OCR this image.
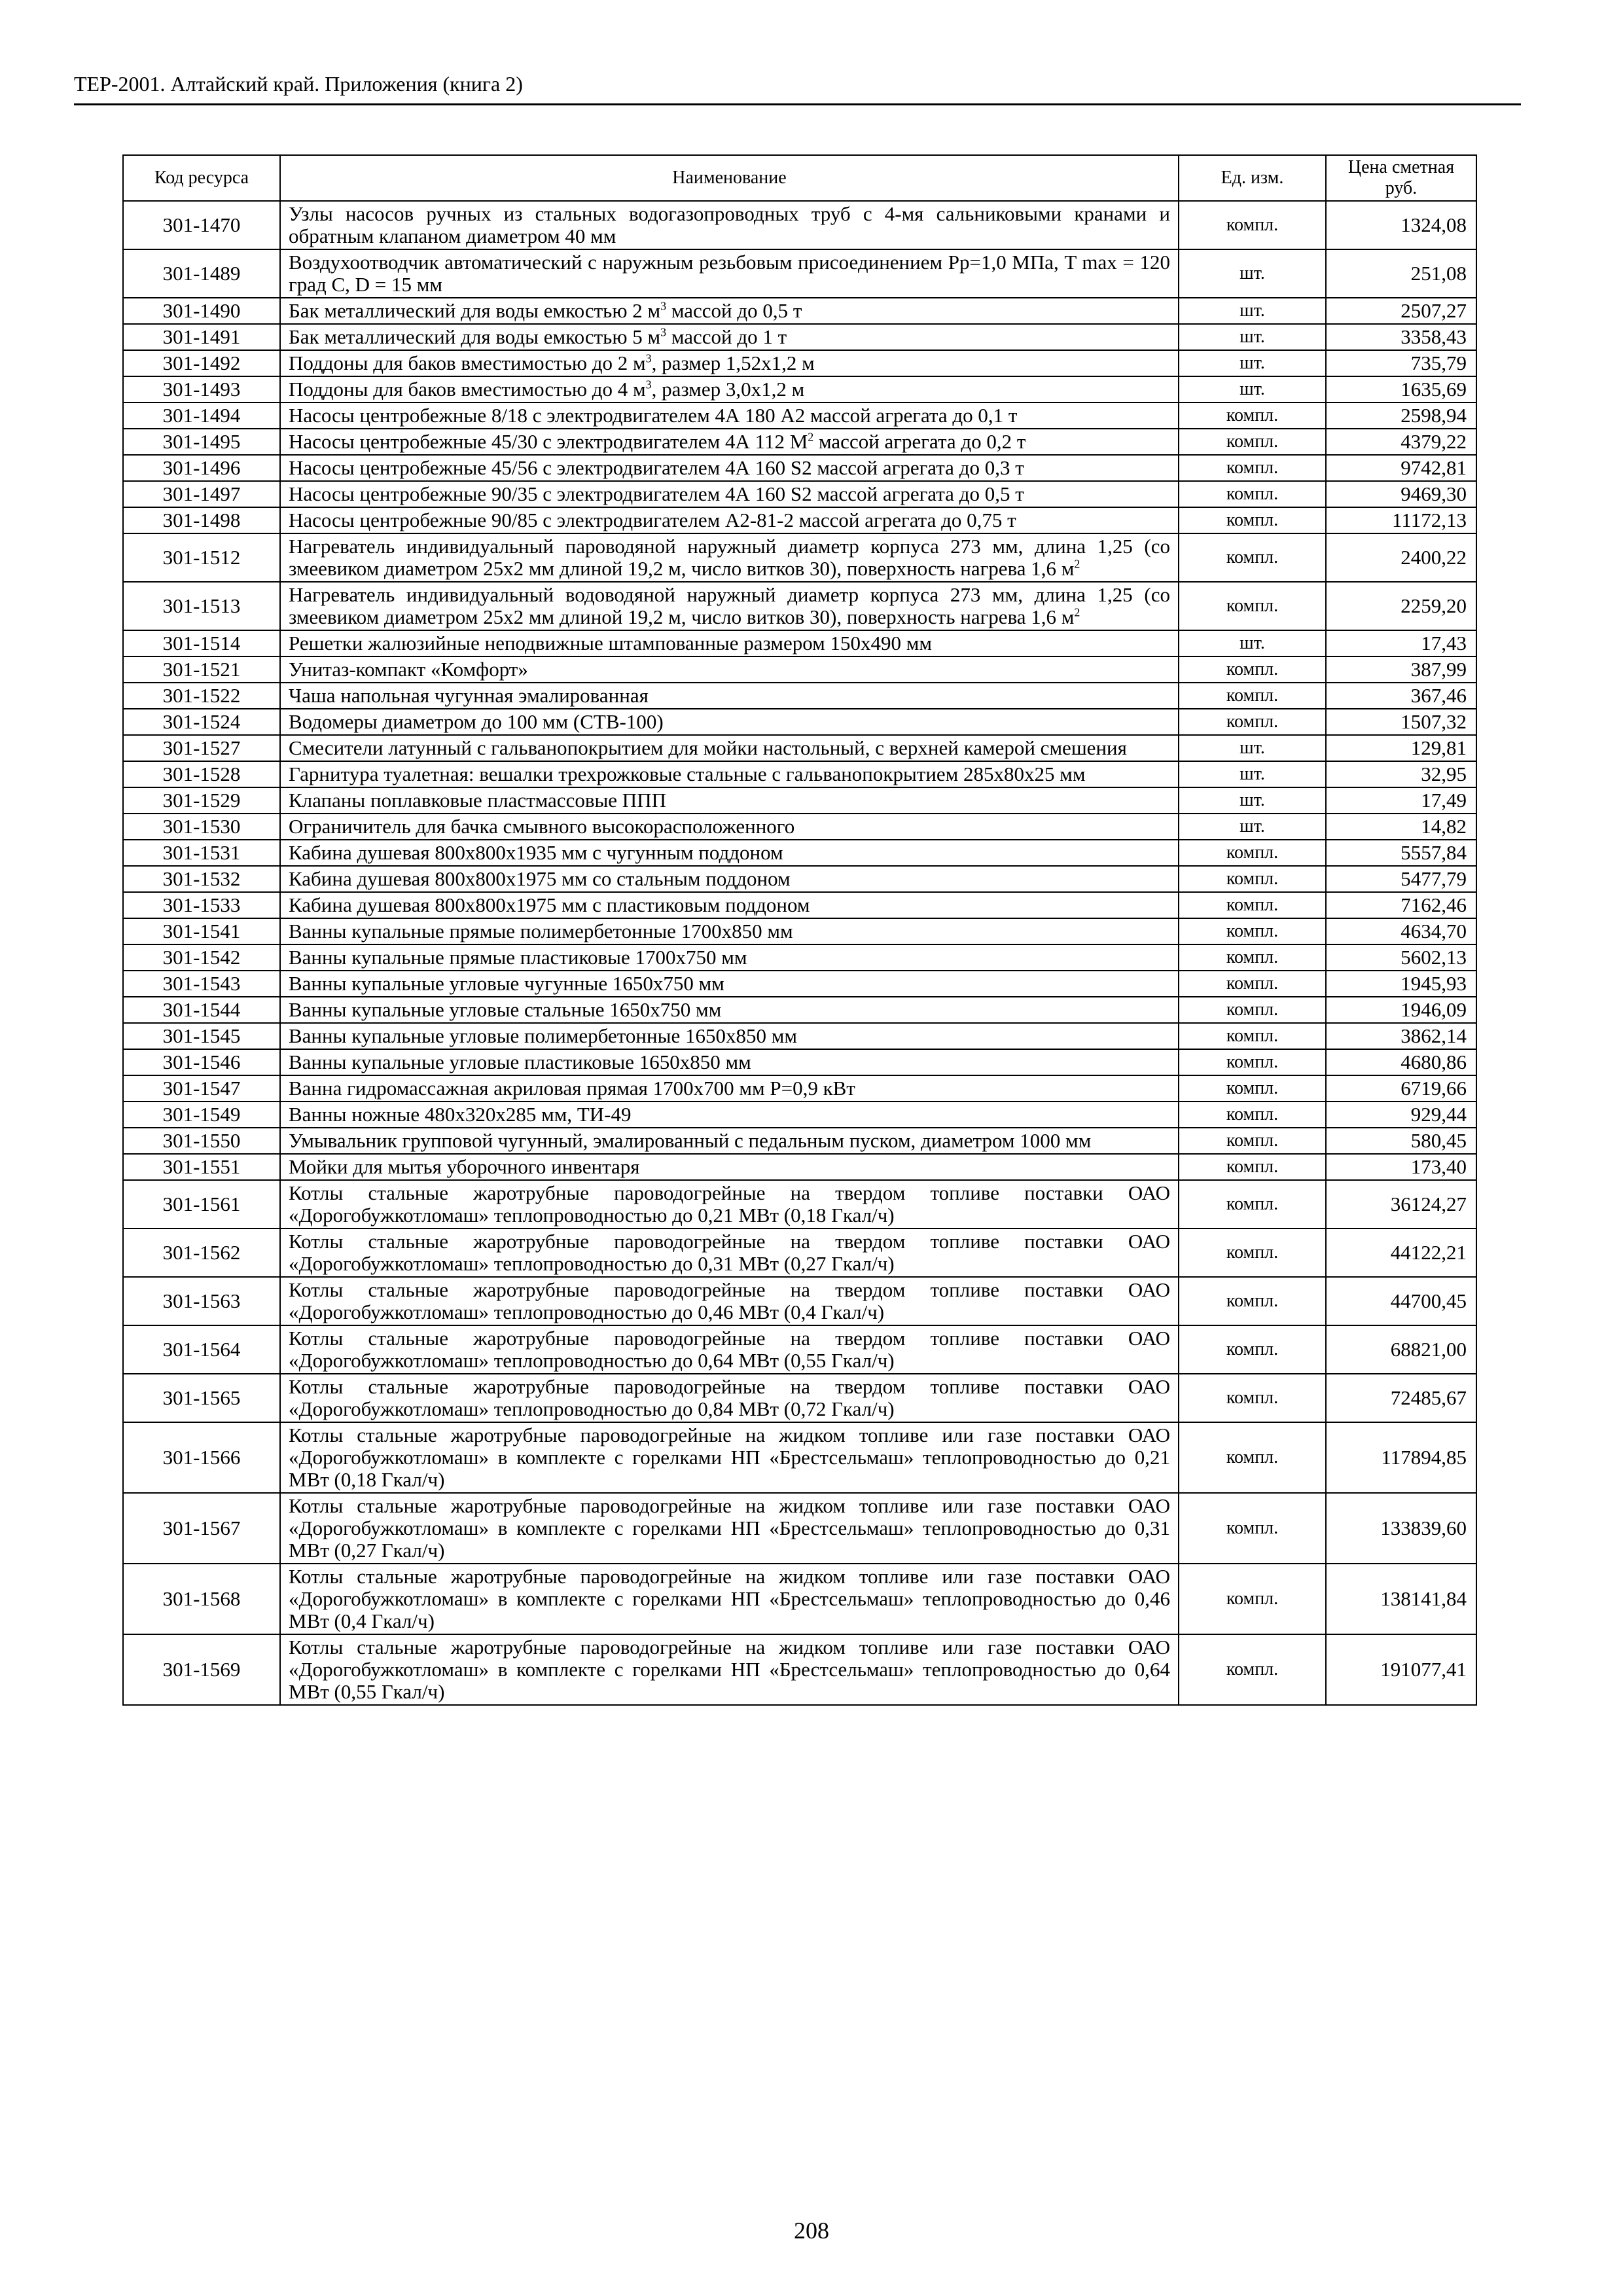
ТЕР-2001. Алтайский край. Приложения (книга 2)
Код ресурса	Наименование	Ед. изм.	Цена сметная руб.
301-1470	Узлы насосов ручных из стальных водогазопроводных труб с 4-мя сальниковыми кранами и обратным клапаном диаметром 40 мм	компл.	1324,08
301-1489	Воздухоотводчик автоматический с наружным резьбовым присоединением Pp=1,0 МПа, T max = 120 град С, D = 15 мм	шт.	251,08
301-1490	Бак металлический для воды емкостью 2 $м^3$ массой до 0,5 т	шт.	2507,27
301-1491	Бак металлический для воды емкостью 5 $м^3$ массой до 1 т	шт.	3358,43
301-1492	Поддоны для баков вместимостью до 2 $м^3$, размер 1,52x1,2 м	шт.	735,79
301-1493	Поддоны для баков вместимостью до 4 $м^3$, размер 3,0x1,2 м	шт.	1635,69
301-1494	Насосы центробежные 8/18 с электродвигателем 4А 180 А2 массой агрегата до 0,1 т	компл.	2598,94
301-1495	Насосы центробежные 45/30 с электродвигателем 4А 112 $M^2$ массой агрегата до 0,2 т	компл.	4379,22
301-1496	Насосы центробежные 45/56 с электродвигателем 4А 160 S2 массой агрегата до 0,3 т	компл.	9742,81
301-1497	Насосы центробежные 90/35 с электродвигателем 4А 160 S2 массой агрегата до 0,5 т	компл.	9469,30
301-1498	Насосы центробежные 90/85 с электродвигателем А2-81-2 массой агрегата до 0,75 т	компл.	11172,13
301-1512	Нагреватель индивидуальный пароводяной наружный диаметр корпуса 273 мм, длина 1,25 (со змеевиком диаметром 25x2 мм длиной 19,2 м, число витков 30), поверхность нагрева 1,6 $м^2$	компл.	2400,22
301-1513	Нагреватель индивидуальный водоводяной наружный диаметр корпуса 273 мм, длина 1,25 (со змеевиком диаметром 25x2 мм длиной 19,2 м, число витков 30), поверхность нагрева 1,6 $м^2$	компл.	2259,20
301-1514	Решетки жалюзийные неподвижные штампованные размером 150x490 мм	шт.	17,43
301-1521	Унитаз-компакт «Комфорт»	компл.	387,99
301-1522	Чаша напольная чугунная эмалированная	компл.	367,46
301-1524	Водомеры диаметром до 100 мм (СТВ-100)	компл.	1507,32
301-1527	Смесители латунный с гальванопокрытием для мойки настольный, с верхней камерой смешения	шт.	129,81
301-1528	Гарнитура туалетная: вешалки трехрожковые стальные с гальванопокрытием 285x80x25 мм	шт.	32,95
301-1529	Клапаны поплавковые пластмассовые ППП	шт.	17,49
301-1530	Ограничитель для бачка смывного высокорасположенного	шт.	14,82
301-1531	Кабина душевая 800x800x1935 мм с чугунным поддоном	компл.	5557,84
301-1532	Кабина душевая 800x800x1975 мм со стальным поддоном	компл.	5477,79
301-1533	Кабина душевая 800x800x1975 мм с пластиковым поддоном	компл.	7162,46
301-1541	Ванны купальные прямые полимербетонные 1700x850 мм	компл.	4634,70
301-1542	Ванны купальные прямые пластиковые 1700x750 мм	компл.	5602,13
301-1543	Ванны купальные угловые чугунные 1650x750 мм	компл.	1945,93
301-1544	Ванны купальные угловые стальные 1650x750 мм	компл.	1946,09
301-1545	Ванны купальные угловые полимербетонные 1650x850 мм	компл.	3862,14
301-1546	Ванны купальные угловые пластиковые 1650x850 мм	компл.	4680,86
301-1547	Ванна гидромассажная акриловая прямая 1700x700 мм P=0,9 кВт	компл.	6719,66
301-1549	Ванны ножные 480x320x285 мм, ТИ-49	компл.	929,44
301-1550	Умывальник групповой чугунный, эмалированный с педальным пуском, диаметром 1000 мм	компл.	580,45
301-1551	Мойки для мытья уборочного инвентаря	компл.	173,40
301-1561	Котлы стальные жаротрубные пароводогрейные на твердом топливе поставки ОАО «Дорогобужкотломаш» теплопроводностью до 0,21 МВт (0,18 Гкал/ч)	компл.	36124,27
301-1562	Котлы стальные жаротрубные пароводогрейные на твердом топливе поставки ОАО «Дорогобужкотломаш» теплопроводностью до 0,31 МВт (0,27 Гкал/ч)	компл.	44122,21
301-1563	Котлы стальные жаротрубные пароводогрейные на твердом топливе поставки ОАО «Дорогобужкотломаш» теплопроводностью до 0,46 МВт (0,4 Гкал/ч)	компл.	44700,45
301-1564	Котлы стальные жаротрубные пароводогрейные на твердом топливе поставки ОАО «Дорогобужкотломаш» теплопроводностью до 0,64 МВт (0,55 Гкал/ч)	компл.	68821,00
301-1565	Котлы стальные жаротрубные пароводогрейные на твердом топливе поставки ОАО «Дорогобужкотломаш» теплопроводностью до 0,84 МВт (0,72 Гкал/ч)	компл.	72485,67
301-1566	Котлы стальные жаротрубные пароводогрейные на жидком топливе или газе поставки ОАО «Дорогобужкотломаш» в комплекте с горелками НП «Брестсельмаш» теплопроводностью до 0,21 МВт (0,18 Гкал/ч)	компл.	117894,85
301-1567	Котлы стальные жаротрубные пароводогрейные на жидком топливе или газе поставки ОАО «Дорогобужкотломаш» в комплекте с горелками НП «Брестсельмаш» теплопроводностью до 0,31 МВт (0,27 Гкал/ч)	компл.	133839,60
301-1568	Котлы стальные жаротрубные пароводогрейные на жидком топливе или газе поставки ОАО «Дорогобужкотломаш» в комплекте с горелками НП «Брестсельмаш» теплопроводностью до 0,46 МВт (0,4 Гкал/ч)	компл.	138141,84
301-1569	Котлы стальные жаротрубные пароводогрейные на жидком топливе или газе поставки ОАО «Дорогобужкотломаш» в комплекте с горелками НП «Брестсельмаш» теплопроводностью до 0,64 МВт (0,55 Гкал/ч)	компл.	191077,41
208
